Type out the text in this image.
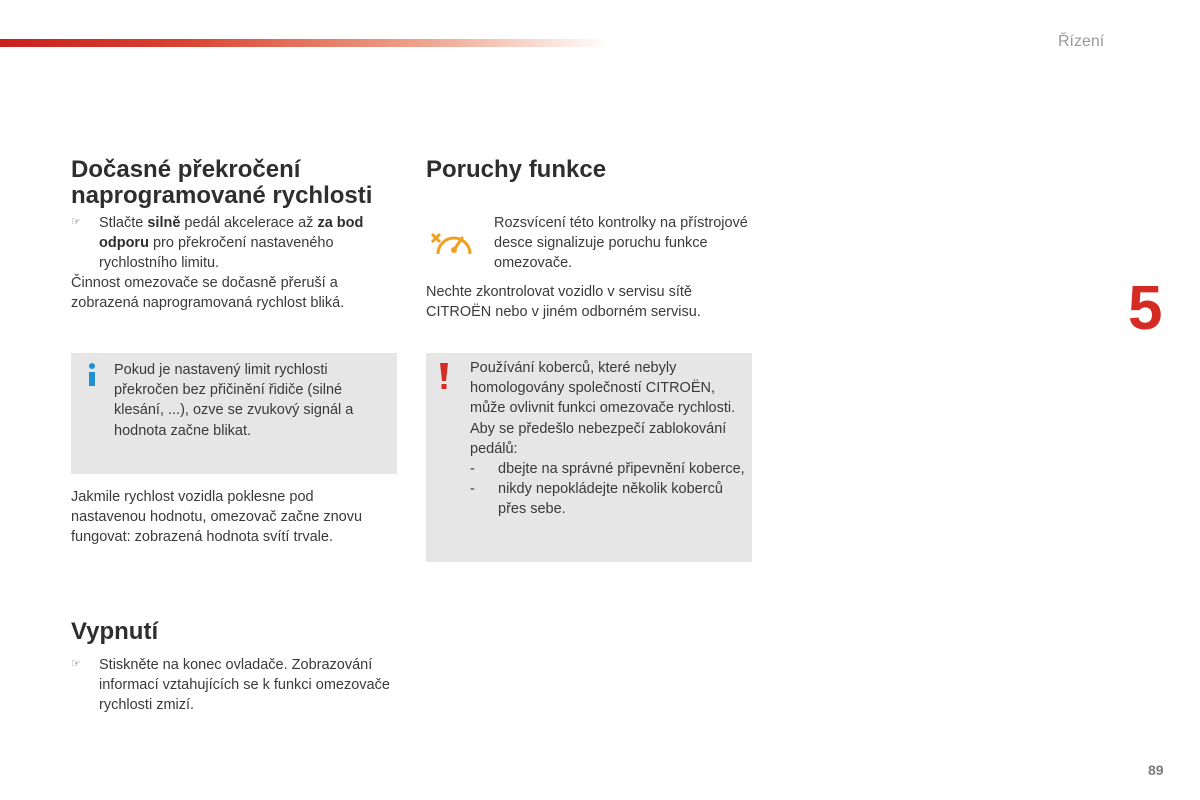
Řízení
5
89
Dočasné překročení
naprogramované rychlosti
☞ Stlačte silně pedál akcelerace až za bod odporu pro překročení nastaveného rychlostního limitu.
Činnost omezovače se dočasně přeruší a zobrazená naprogramovaná rychlost bliká.
Pokud je nastavený limit rychlosti překročen bez přičinění řidiče (silné klesání, ...), ozve se zvukový signál a hodnota začne blikat.
Jakmile rychlost vozidla poklesne pod nastavenou hodnotu, omezovač začne znovu fungovat: zobrazená hodnota svítí trvale.
Vypnutí
☞ Stiskněte na konec ovladače. Zobrazování informací vztahujících se k funkci omezovače rychlosti zmizí.
Poruchy funkce
Rozsvícení této kontrolky na přístrojové desce signalizuje poruchu funkce omezovače.
Nechte zkontrolovat vozidlo v servisu sítě CITROËN nebo v jiném odborném servisu.
Používání koberců, které nebyly homologovány společností CITROËN, může ovlivnit funkci omezovače rychlosti. Aby se předešlo nebezpečí zablokování pedálů:
- dbejte na správné připevnění koberce,
- nikdy nepokládejte několik koberců přes sebe.
